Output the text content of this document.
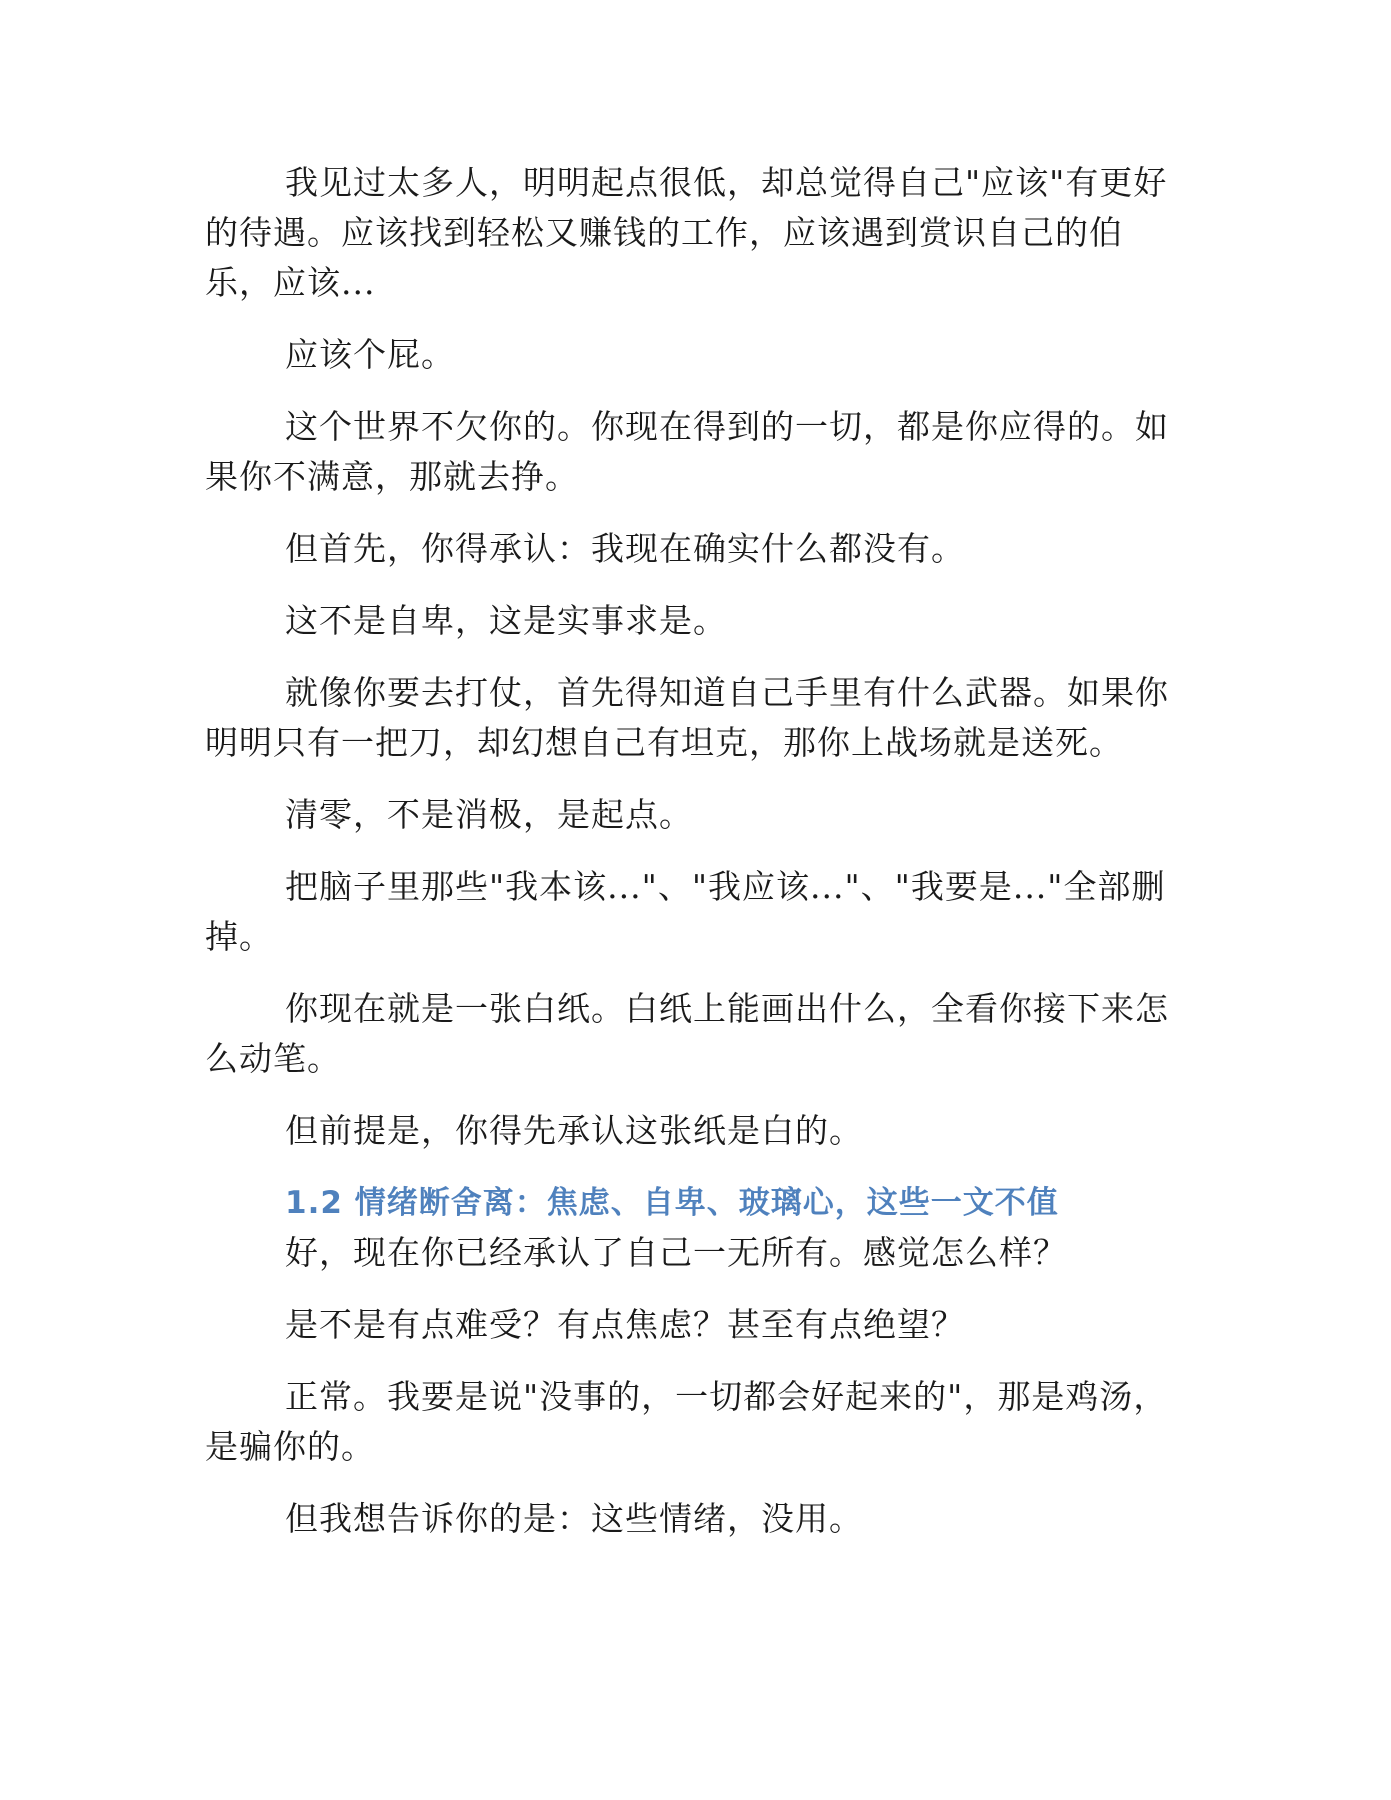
我见过太多人，明明起点很低，却总觉得自己"应该"有更好的待遇。应该找到轻松又赚钱的工作，应该遇到赏识自己的伯乐，应该...

应该个屁。

这个世界不欠你的。你现在得到的一切，都是你应得的。如果你不满意，那就去挣。

但首先，你得承认：我现在确实什么都没有。

这不是自卑，这是实事求是。

就像你要去打仗，首先得知道自己手里有什么武器。如果你明明只有一把刀，却幻想自己有坦克，那你上战场就是送死。

清零，不是消极，是起点。

把脑子里那些"我本该..."、"我应该..."、"我要是..."全部删掉。

你现在就是一张白纸。白纸上能画出什么，全看你接下来怎么动笔。

但前提是，你得先承认这张纸是白的。

1.2 情绪断舍离：焦虑、自卑、玻璃心，这些一文不值

好，现在你已经承认了自己一无所有。感觉怎么样？

是不是有点难受？有点焦虑？甚至有点绝望？

正常。我要是说"没事的，一切都会好起来的"，那是鸡汤，是骗你的。

但我想告诉你的是：这些情绪，没用。
